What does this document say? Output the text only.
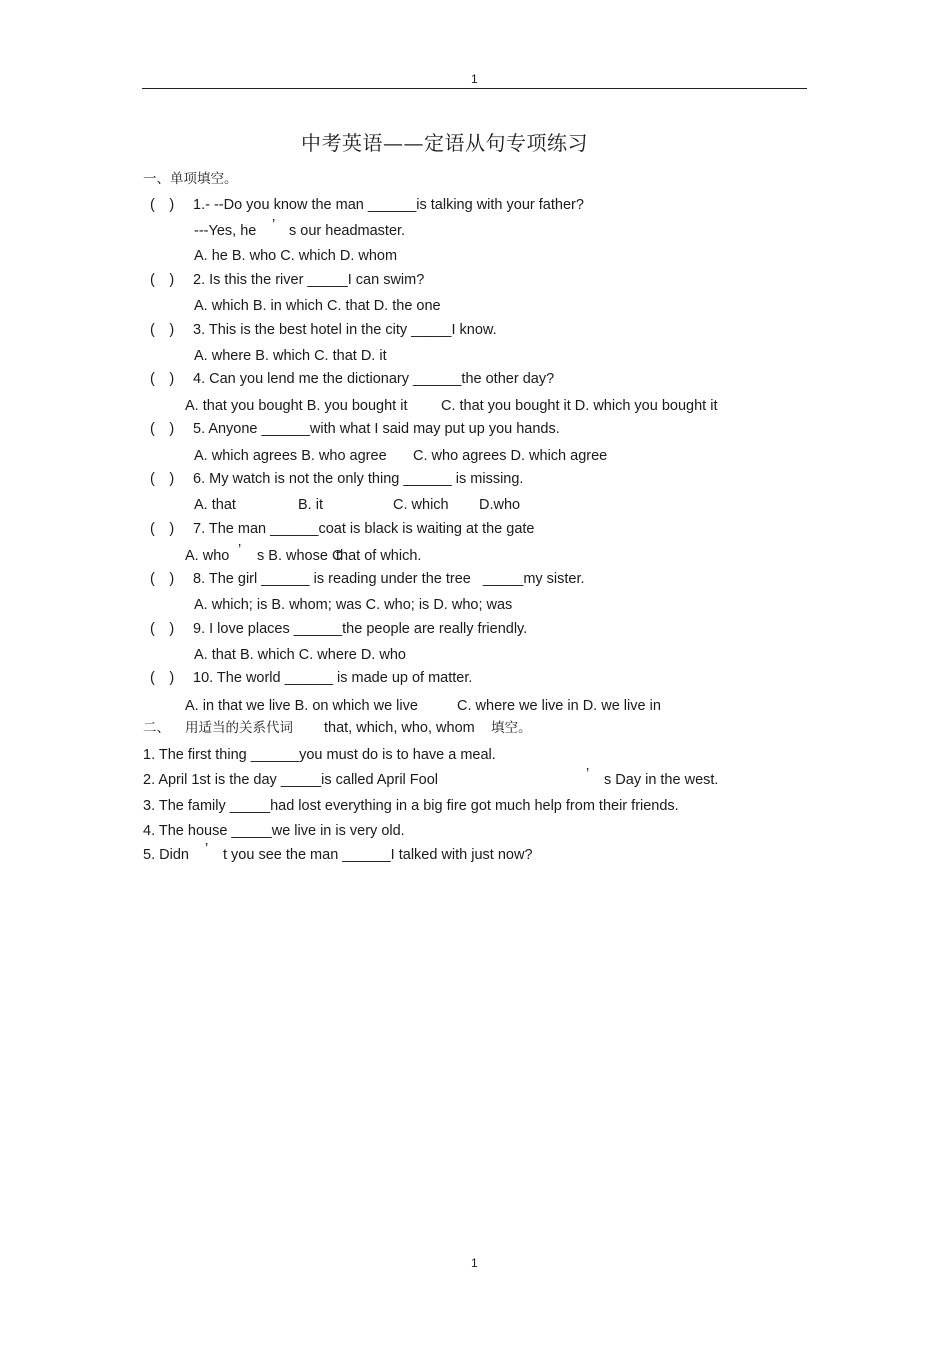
1
中考英语——定语从句专项练习
一、单项填空。
(　) 1.- --Do you know the man ______is talking with your father?
---Yes, he ’ s our headmaster.
A. he B. who C. which D. whom
(　) 2. Is this the river _____I can swim?
A. which B. in which C. that D. the one
(　) 3. This is the best hotel in the city _____I know.
A. where B. which C. that D. it
(　) 4. Can you lend me the dictionary ______the other day?
A. that you bought B. you bought it C. that you bought it D. which you bought it
(　) 5. Anyone ______with what I said may put up you hands.
A. which agrees B. who agree C. who agrees D. which agree
(　) 6. My watch is not the only thing ______ is missing.
A. that	B. it	C. which D.who
(　) 7. The man ______coat is black is waiting at the gate
A. who ’ s B. whose C
that of which.
(　) 8. The girl ______ is reading under the tree _____my sister.
A. which; is B. whom; was C. who; is D. who; was
(　) 9. I love places ______the people are really friendly.
A. that B. which C. where D. who
(　) 10. The world ______ is made up of matter.
A. in that we live B. on which we live	C. where we live in D. we live in
二、 用适当的关系代词 that, which, who, whom 填空。
1. The first thing ______you must do is to have a meal.
2. April 1st is the day _____is called April Fool	’ s Day in the west.
3. The family _____had lost everything in a big fire got much help from their friends.
4. The house _____we live in is very old.
5. Didn ’ t you see the man ______I talked with just now?
1
